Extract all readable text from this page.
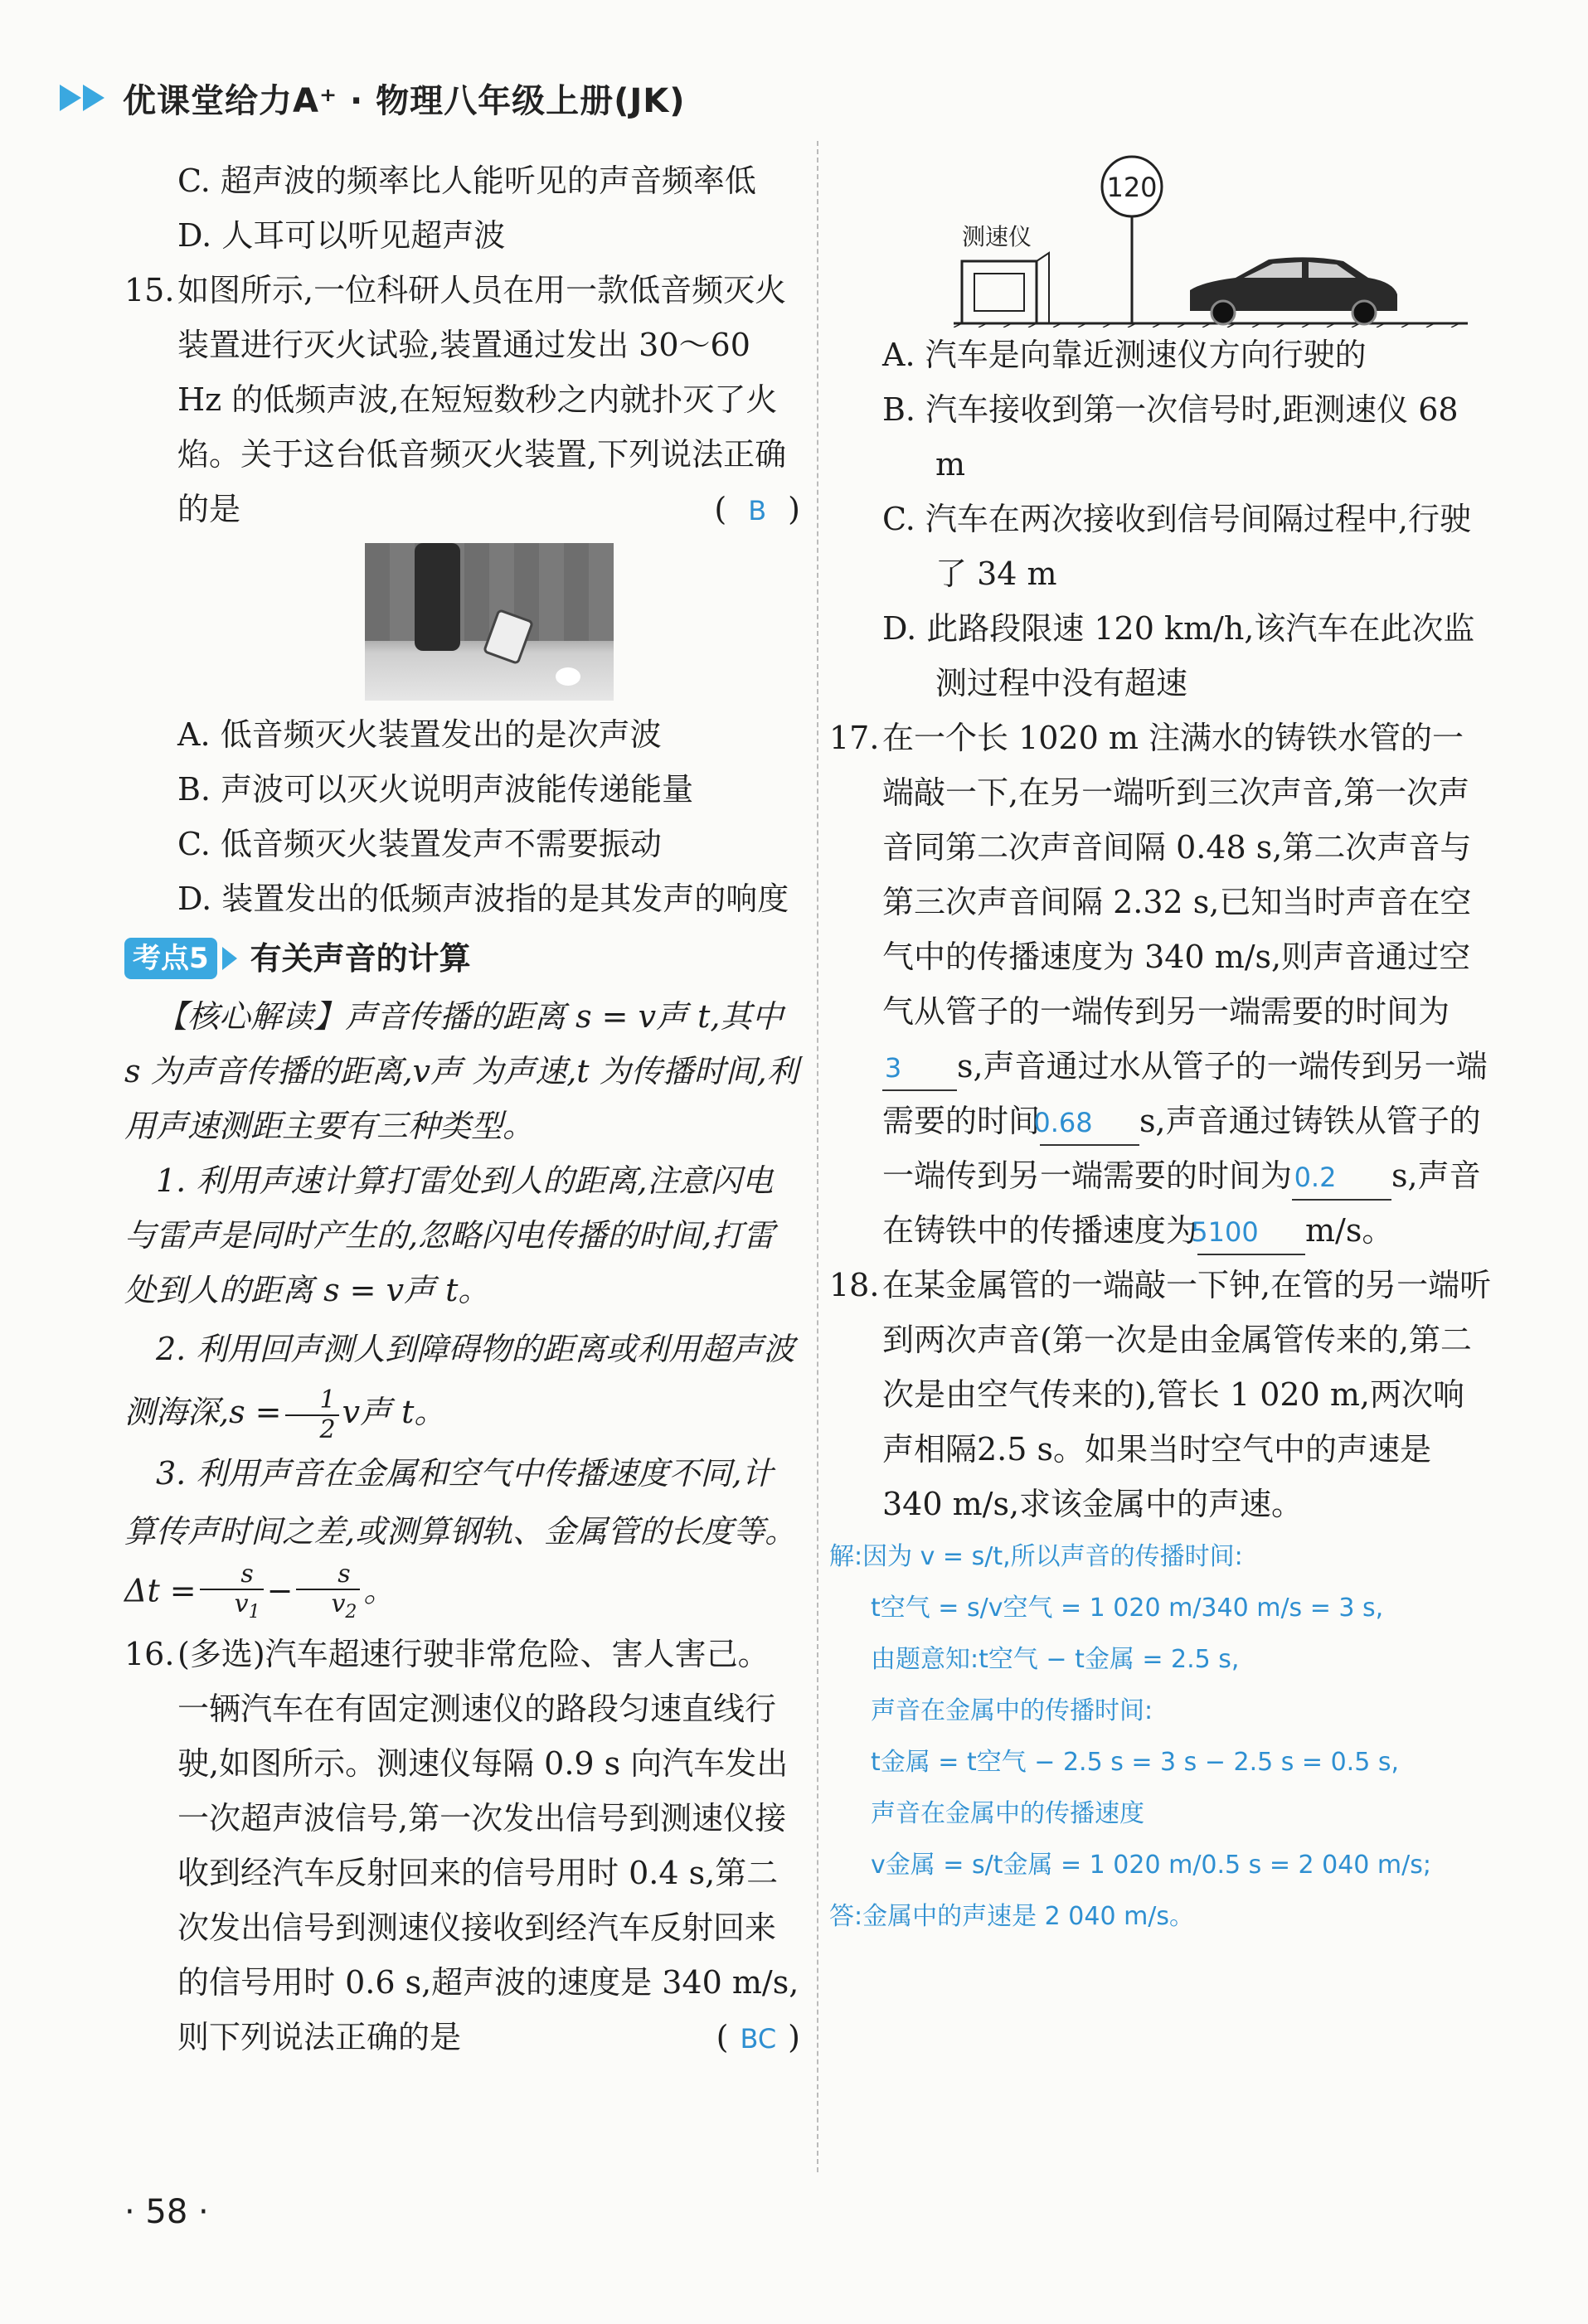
优课堂给力A⁺ · 物理八年级上册(JK)

C. 超声波的频率比人能听见的声音频率低

D. 人耳可以听见超声波

15.如图所示,一位科研人员在用一款低音频灭火装置进行灭火试验,装置通过发出 30～60 Hz 的低频声波,在短短数秒之内就扑灭了火焰。关于这台低音频灭火装置,下列说法正确的是	( B )

A. 低音频灭火装置发出的是次声波

B. 声波可以灭火说明声波能传递能量

C. 低音频灭火装置发声不需要振动

D. 装置发出的低频声波指的是其发声的响度

考点5 有关声音的计算

【核心解读】声音传播的距离 s = v声 t,其中 s 为声音传播的距离,v声 为声速,t 为传播时间,利用声速测距主要有三种类型。

1. 利用声速计算打雷处到人的距离,注意闪电与雷声是同时产生的,忽略闪电传播的时间,打雷处到人的距离 s = v声 t。

2. 利用回声测人到障碍物的距离或利用超声波测海深$,s = \frac{1}{2}$ v声 t。

3. 利用声音在金属和空气中传播速度不同,计算传声时间之差,或测算钢轨、金属管的长度等。$\Delta t = \frac{s}{v_1} - \frac{s}{v_2}$ 。

16.(多选)汽车超速行驶非常危险、害人害己。一辆汽车在有固定测速仪的路段匀速直线行驶,如图所示。测速仪每隔 0.9 s 向汽车发出一次超声波信号,第一次发出信号到测速仪接收到经汽车反射回来的信号用时 0.4 s,第二次发出信号到测速仪接收到经汽车反射回来的信号用时 0.6 s,超声波的速度是 340 m/s,则下列说法正确的是	( BC )

测速仪
120

A. 汽车是向靠近测速仪方向行驶的

B. 汽车接收到第一次信号时,距测速仪 68 m

C. 汽车在两次接收到信号间隔过程中,行驶了 34 m

D. 此路段限速 120 km/h,该汽车在此次监测过程中没有超速

17.在一个长 1020 m 注满水的铸铁水管的一端敲一下,在另一端听到三次声音,第一次声音同第二次声音间隔 0.48 s,第二次声音与第三次声音间隔 2.32 s,已知当时声音在空气中的传播速度为 340 m/s,则声音通过空气从管子的一端传到另一端需要的时间为3 s,声音通过水从管子的一端传到另一端需要的时间0.68 s,声音通过铸铁从管子的一端传到另一端需要的时间为0.2 s,声音在铸铁中的传播速度为5100 m/s。

18.在某金属管的一端敲一下钟,在管的另一端听到两次声音(第一次是由金属管传来的,第二次是由空气传来的),管长 1 020 m,两次响声相隔2.5 s。如果当时空气中的声速是 340 m/s,求该金属中的声速。

解:因为 v = s/t,所以声音的传播时间:
t空气 = s/v空气 = 1 020 m/340 m/s = 3 s,
由题意知:t空气 − t金属 = 2.5 s,
声音在金属中的传播时间:
t金属 = t空气 − 2.5 s = 3 s − 2.5 s = 0.5 s,
声音在金属中的传播速度
v金属 = s/t金属 = 1 020 m/0.5 s = 2 040 m/s;
答:金属中的声速是 2 040 m/s。
· 58 ·
